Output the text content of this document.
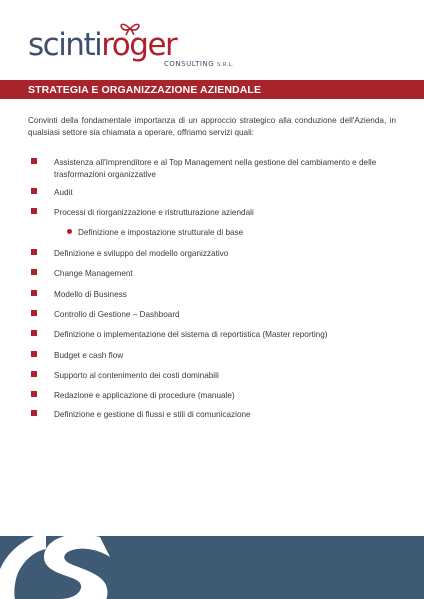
scintiroger
CONSULTING S.R.L.
STRATEGIA E ORGANIZZAZIONE AZIENDALE
Convinti della fondamentale importanza di un approccio strategico alla conduzione dell'Azienda, in qualsiasi settore sia chiamata a operare, offriamo servizi quali:
Assistenza all'Imprenditore e al Top Management nella gestione del cambiamento e delle trasformazioni organizzative
Audit
Processi di riorganizzazione e ristrutturazione aziendali
Definizione e impostazione strutturale di base
Definizione e sviluppo del modello organizzativo
Change Management
Modello di Business
Controllo di Gestione – Dashboard
Definizione o implementazione del sistema di reportistica (Master reporting)
Budget e cash flow
Supporto al contenimento dei costi dominabili
Redazione e applicazione di procedure (manuale)
Definizione e gestione di flussi e stili di comunicazione
